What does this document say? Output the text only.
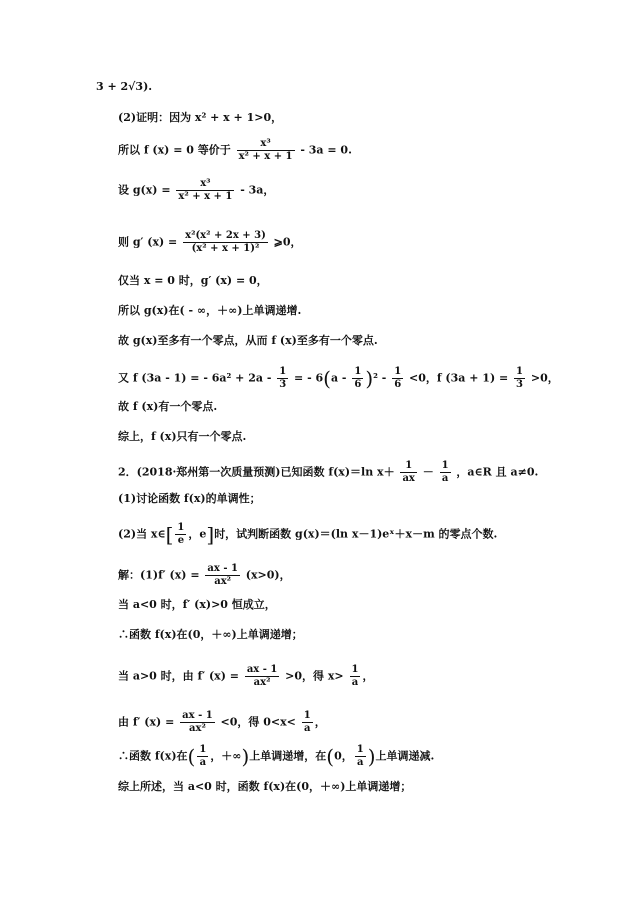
3 + 2√3).
(2)证明：因为 x² + x + 1>0，
所以 f (x) = 0 等价于 $\frac{\text{x³}}{\text{x² + x + 1}} - 3a = 0$.
设 $g(x) = \frac{\text{x³}}{\text{x² + x + 1}} - 3a$，
则 g′ $(x) = \frac{\text{x²(x² + 2x + 3)}}{\text{(x² + x + 1)²}}$ ⩾0，
仅当 x = 0 时，g′ (x) = 0，
所以 g(x)在( - ∞，＋∞)上单调递增.
故 g(x)至多有一个零点，从而 f (x)至多有一个零点.
又 f (3a - 1) = - $6a^2 + 2a - \frac{1}{3}$ = - $6(a - \frac{1}{6} )^2 - \frac{1}{6} <0$，f $(3a + 1) = \frac{1}{3} >0$，
故 f (x)有一个零点.
综上，f (x)只有一个零点.
2．(2018·郑州第一次质量预测)已知函数 f(x)＝ln $x+ \frac{1}{ax} - \frac{1}{a}$ ，a∈R 且 a≠0.
(1)讨论函数 f(x)的单调性；
(2)当 x∈[ $\frac{1}{e}$ ，e]时，试判断函数 g(x)＝(ln x－1)eˣ＋x－m 的零点个数.
解：(1)f′ $(x) = \frac{ax - 1}{\text{ax²}} (x>0)$，
当 a<0 时，f′ (x)>0 恒成立，
∴函数 f(x)在(0，＋∞)上单调递增；
当 a>0 时，由 f′ $(x) = \frac{ax - 1}{\text{ax²}} >0$，得 $x> \frac{1}{a}$ ，
由 f′ $(x) = \frac{ax - 1}{\text{ax²}} <0$，得 $0<x< \frac{1}{a}$ ，
∴函数 f(x)在( $\frac{1}{a}$ ，＋∞)上单调递增，在(0， $\frac{1}{a}$ )上单调递减.
综上所述，当 a<0 时，函数 f(x)在(0，＋∞)上单调递增；
